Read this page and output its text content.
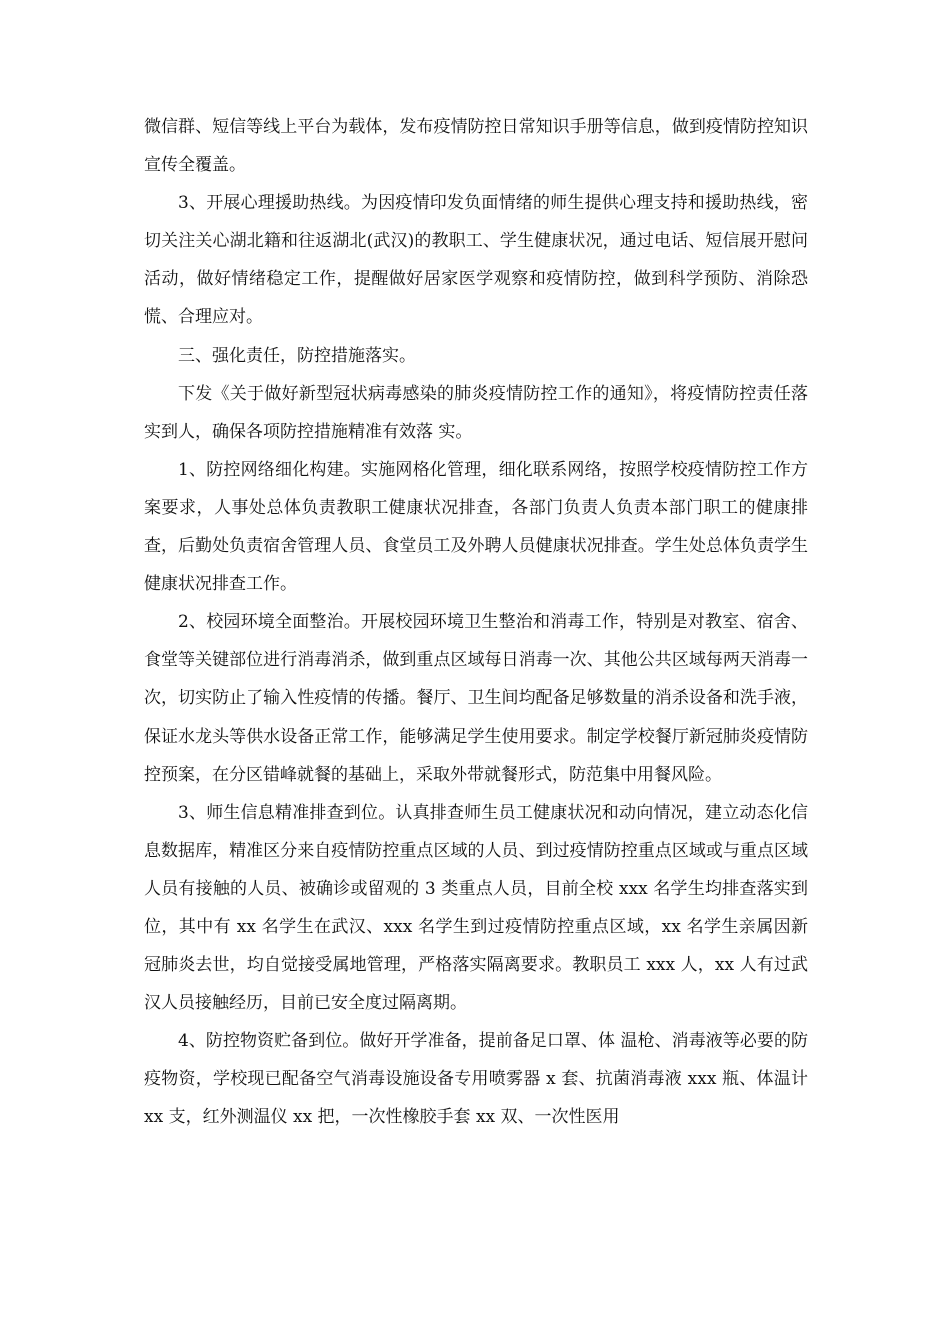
微信群、短信等线上平台为载体，发布疫情防控日常知识手册等信息，做到疫情防控知识宣传全覆盖。

3、开展心理援助热线。为因疫情印发负面情绪的师生提供心理支持和援助热线，密切关注关心湖北籍和往返湖北(武汉)的教职工、学生健康状况，通过电话、短信展开慰问活动，做好情绪稳定工作，提醒做好居家医学观察和疫情防控，做到科学预防、消除恐慌、合理应对。

三、强化责任，防控措施落实。

下发《关于做好新型冠状病毒感染的肺炎疫情防控工作的通知》，将疫情防控责任落实到人，确保各项防控措施精准有效落 实。

1、防控网络细化构建。实施网格化管理，细化联系网络，按照学校疫情防控工作方案要求，人事处总体负责教职工健康状况排查，各部门负责人负责本部门职工的健康排查，后勤处负责宿舍管理人员、食堂员工及外聘人员健康状况排查。学生处总体负责学生健康状况排查工作。

2、校园环境全面整治。开展校园环境卫生整治和消毒工作，特别是对教室、宿舍、食堂等关键部位进行消毒消杀，做到重点区域每日消毒一次、其他公共区域每两天消毒一次，切实防止了输入性疫情的传播。餐厅、卫生间均配备足够数量的消杀设备和洗手液，保证水龙头等供水设备正常工作，能够满足学生使用要求。制定学校餐厅新冠肺炎疫情防控预案，在分区错峰就餐的基础上，采取外带就餐形式，防范集中用餐风险。

3、师生信息精准排查到位。认真排查师生员工健康状况和动向情况，建立动态化信息数据库，精准区分来自疫情防控重点区域的人员、到过疫情防控重点区域或与重点区域人员有接触的人员、被确诊或留观的 3 类重点人员，目前全校 xxx 名学生均排查落实到位，其中有 xx 名学生在武汉、xxx 名学生到过疫情防控重点区域，xx 名学生亲属因新冠肺炎去世，均自觉接受属地管理，严格落实隔离要求。教职员工 xxx 人，xx 人有过武汉人员接触经历，目前已安全度过隔离期。

4、防控物资贮备到位。做好开学准备，提前备足口罩、体 温枪、消毒液等必要的防疫物资，学校现已配备空气消毒设施设备专用喷雾器 x 套、抗菌消毒液 xxx 瓶、体温计 xx 支，红外测温仪 xx 把，一次性橡胶手套 xx 双、一次性医用
